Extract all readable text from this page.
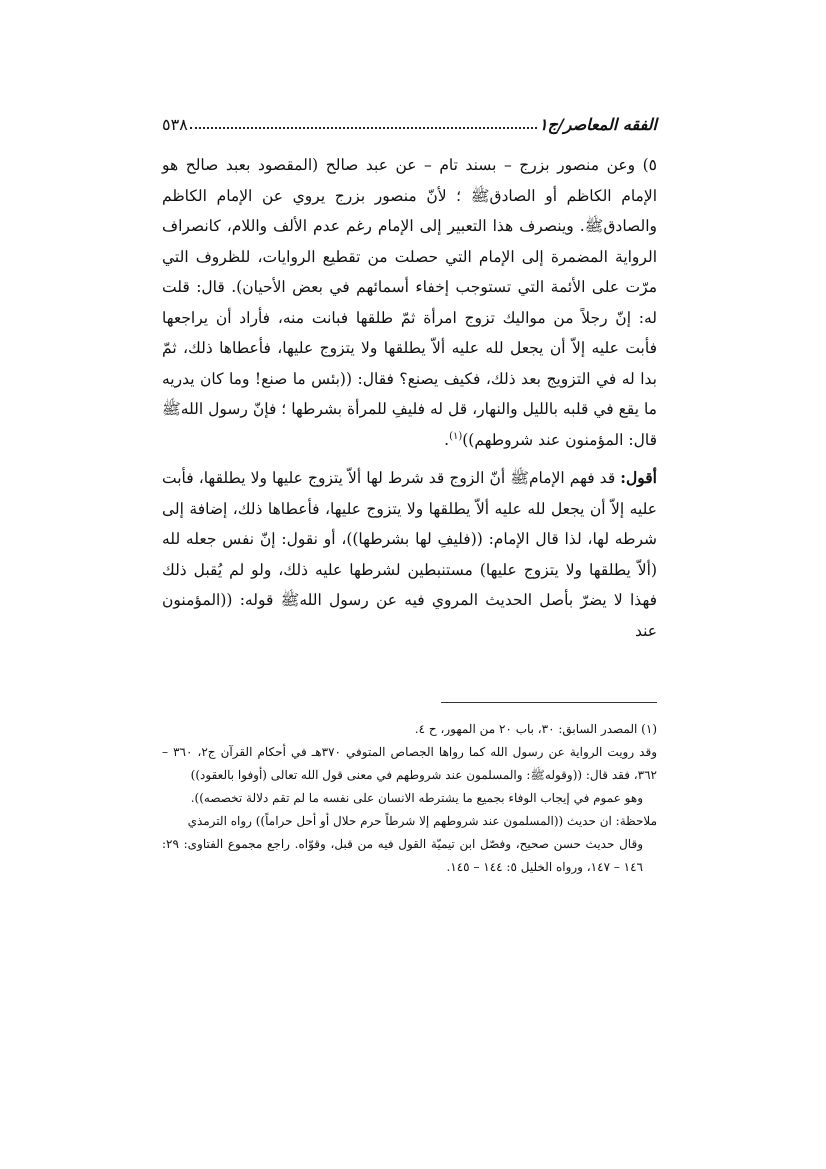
الفقه المعاصر/ج١
٥٣٨

٥) وعن منصور بزرج – بسند تام – عن عبد صالح (المقصود بعبد صالح هو الإمام الكاظم أو الصادقﷺ ؛ لأنّ منصور بزرج يروي عن الإمام الكاظم والصادقﷺ. وينصرف هذا التعبير إلى الإمام رغم عدم الألف واللام، كانصراف الرواية المضمرة إلى الإمام التي حصلت من تقطيع الروايات، للظروف التي مرّت على الأئمة التي تستوجب إخفاء أسمائهم في بعض الأحيان). قال: قلت له: إنّ رجلاً من مواليك تزوج امرأة ثمّ طلقها فبانت منه، فأراد أن يراجعها فأبت عليه إلاّ أن يجعل لله عليه ألاّ يطلقها ولا يتزوج عليها، فأعطاها ذلك، ثمّ بدا له في التزويج بعد ذلك، فكيف يصنع؟ فقال: ((بئس ما صنع! وما كان يدريه ما يقع في قلبه بالليل والنهار، قل له فليفِ للمرأة بشرطها ؛ فإنّ رسول اللهﷺ قال: المؤمنون عند شروطهم))$^{(١)}$.

أقول: قد فهم الإمامﷺ أنّ الزوج قد شرط لها ألاّ يتزوج عليها ولا يطلقها، فأبت عليه إلاّ أن يجعل لله عليه ألاّ يطلقها ولا يتزوج عليها، فأعطاها ذلك، إضافة إلى شرطه لها، لذا قال الإمام: ((فليفِ لها بشرطها))، أو نقول: إنّ نفس جعله لله (ألاّ يطلقها ولا يتزوج عليها) مستنبطين لشرطها عليه ذلك، ولو لم يُقبل ذلك فهذا لا يضرّ بأصل الحديث المروي فيه عن رسول اللهﷺ قوله: ((المؤمنون عند

(١) المصدر السابق: ٣٠، باب ٢٠ من المهور، ح ٤.

وقد رويت الرواية عن رسول الله كما رواها الجصاص المتوفي ٣٧٠هـ في أحكام القرآن ج٢، ٣٦٠ – ٣٦٢، فقد قال: ((وقولهﷺ: والمسلمون عند شروطهم في معنى قول الله تعالى (أوفوا بالعقود))

وهو عموم في إيجاب الوفاء بجميع ما يشترطه الانسان على نفسه ما لم تقم دلالة تخصصه)).

ملاحظة: ان حديث ((المسلمون عند شروطهم إلا شرطاً حرم حلال أو أحل حراماً)) رواه الترمذي

وقال حديث حسن صحيح، وفصّل ابن تيميّة القول فيه من قبل، وقوّاه. راجع مجموع الفتاوى: ٢٩: ١٤٦ – ١٤٧، ورواه الخليل ٥: ١٤٤ – ١٤٥.
